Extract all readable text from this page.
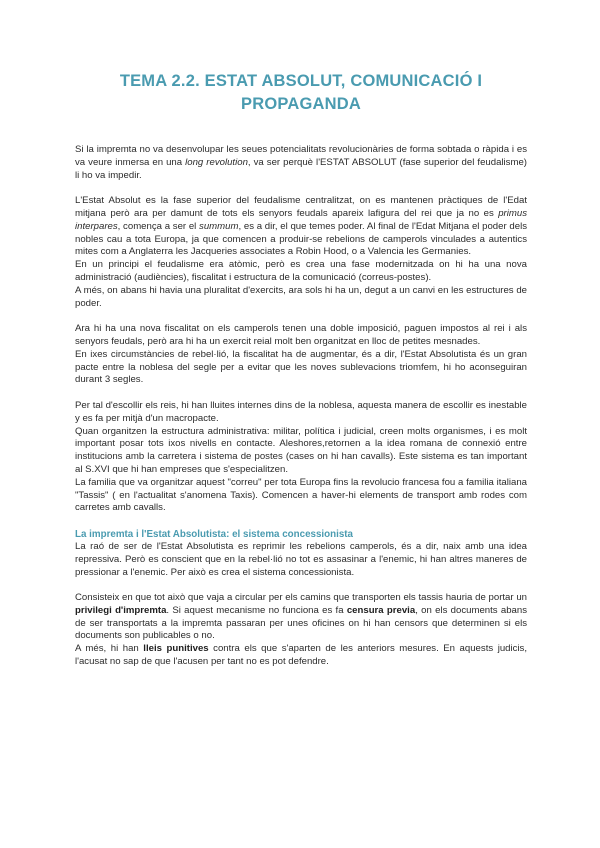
TEMA 2.2. ESTAT ABSOLUT, COMUNICACIÓ I PROPAGANDA

Si la impremta no va desenvolupar les seues potencialitats revolucionàries de forma sobtada o ràpida i es va veure inmersa en una long revolution, va ser perquè l'ESTAT ABSOLUT (fase superior del feudalisme) li ho va impedir.

L'Estat Absolut es la fase superior del feudalisme centralitzat, on es mantenen pràctiques de l'Edat mitjana però ara per damunt de tots els senyors feudals apareix lafigura del rei que ja no es primus interpares, comença a ser el summum, es a dir, el que temes poder. Al final de l'Edat Mitjana el poder dels nobles cau a tota Europa, ja que comencen a produir-se rebelions de camperols vinculades a autentics mites com a Anglaterra les Jacqueries associates a Robin Hood, o a Valencia les Germanies.

En un principi el feudalisme era atòmic, però es crea una fase modernitzada on hi ha una nova administració (audiències), fiscalitat i estructura de la comunicació (correus-postes).

A més, on abans hi havia una pluralitat d'exercits, ara sols hi ha un, degut a un canvi en les estructures de poder.

Ara hi ha una nova fiscalitat on els camperols tenen una doble imposició, paguen impostos al rei i als senyors feudals, però ara hi ha un exercit reial molt ben organitzat en lloc de petites mesnades.

En ixes circumstàncies de rebel·lió, la fiscalitat ha de augmentar, és a dir, l'Estat Absolutista és un gran pacte entre la noblesa del segle per a evitar que les noves sublevacions triomfem, hi ho aconseguiran durant 3 segles.

Per tal d'escollir els reis, hi han lluites internes dins de la noblesa, aquesta manera de escollir es inestable y es fa per mitjà d'un macropacte.

Quan organitzen la estructura administrativa: militar, política i judicial, creen molts organismes, i es molt important posar tots ixos nivells en contacte. Aleshores,retornen a la idea romana de connexió entre institucions amb la carretera i sistema de postes (cases on hi han cavalls). Este sistema es tan important al S.XVI que hi han empreses que s'especialitzen.

La familia que va organitzar aquest "correu" per tota Europa fins la revolucio francesa fou a familia italiana "Tassis" ( en l'actualitat s'anomena Taxis). Comencen a haver-hi elements de transport amb rodes com carretes amb cavalls.

La impremta i l'Estat Absolutista: el sistema concessionista

La raó de ser de l'Estat Absolutista es reprimir les rebelions camperols, és a dir, naix amb una idea repressiva. Però es conscient que en la rebel·lió no tot es assasinar a l'enemic, hi han altres maneres de pressionar a l'enemic. Per això es crea el sistema concessionista.

Consisteix en que tot això que vaja a circular per els camins que transporten els tassis hauria de portar un privilegi d'impremta. Si aquest mecanisme no funciona es fa censura previa, on els documents abans de ser transportats a la impremta passaran per unes oficines on hi han censors que determinen si els documents son publicables o no.

A més, hi han lleis punitives contra els que s'aparten de les anteriors mesures. En aquests judicis, l'acusat no sap de que l'acusen per tant no es pot defendre.
